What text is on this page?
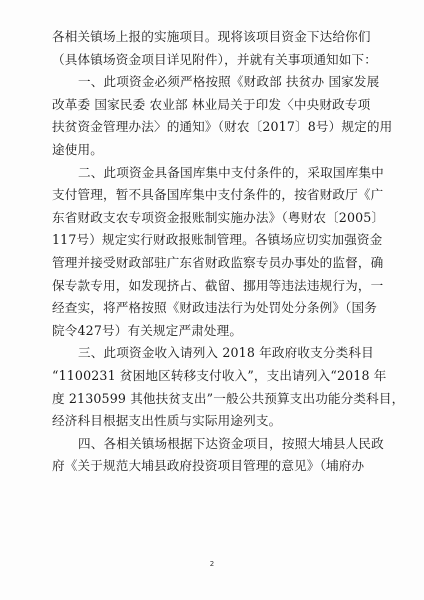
各相关镇场上报的实施项目。现将该项目资金下达给你们
（具体镇场资金项目详见附件），并就有关事项通知如下：
一、此项资金必须严格按照《财政部 扶贫办 国家发展
改革委 国家民委 农业部 林业局关于印发〈中央财政专项
扶贫资金管理办法〉的通知》（财农〔2017〕8号）规定的用
途使用。
二、此项资金具备国库集中支付条件的，采取国库集中
支付管理，暂不具备国库集中支付条件的，按省财政厅《广
东省财政支农专项资金报账制实施办法》（粤财农〔2005〕
117号）规定实行财政报账制管理。各镇场应切实加强资金
管理并接受财政部驻广东省财政监察专员办事处的监督，确
保专款专用，如发现挤占、截留、挪用等违法违规行为，一
经查实，将严格按照《财政违法行为处罚处分条例》（国务
院令427号）有关规定严肃处理。
三、此项资金收入请列入 2018 年政府收支分类科目
“1100231 贫困地区转移支付收入”，支出请列入“2018 年
度 2130599 其他扶贫支出”一般公共预算支出功能分类科目，
经济科目根据支出性质与实际用途列支。
四、各相关镇场根据下达资金项目，按照大埔县人民政
府《关于规范大埔县政府投资项目管理的意见》（埔府办
2
